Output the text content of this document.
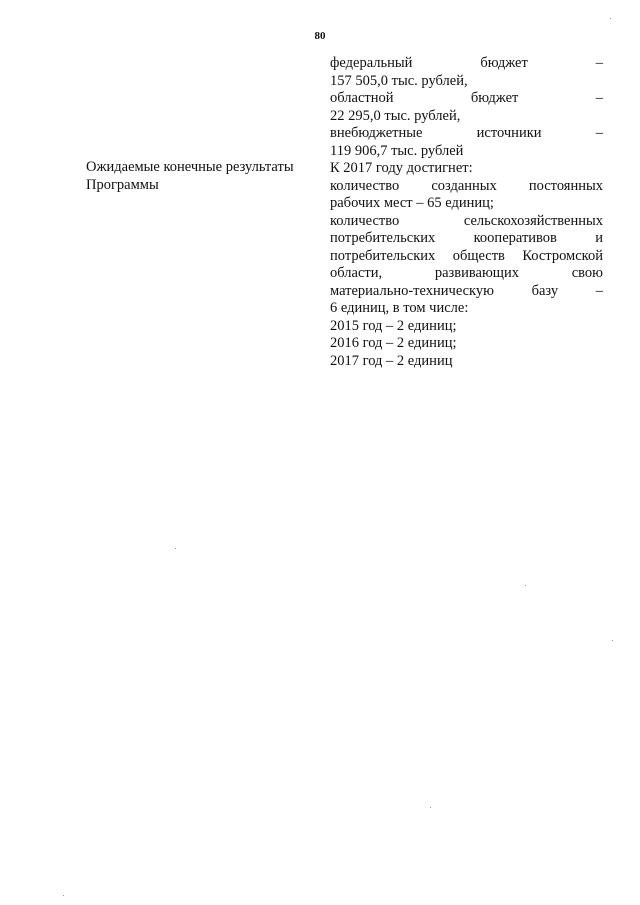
80
Ожидаемые конечные результаты
Программы
федеральный	бюджет	–
157 505,0 тыс. рублей,
областной	бюджет	–
22 295,0 тыс. рублей,
внебюджетные	источники	–
119 906,7 тыс. рублей
К 2017 году достигнет:
количество созданных постоянных
рабочих мест – 65 единиц;
количество	сельскохозяйственных
потребительских	кооперативов	и
потребительских обществ Костромской
области,	развивающих	свою
материально-техническую	базу	–
6 единиц, в том числе:
2015 год – 2 единиц;
2016 год – 2 единиц;
2017 год – 2 единиц
